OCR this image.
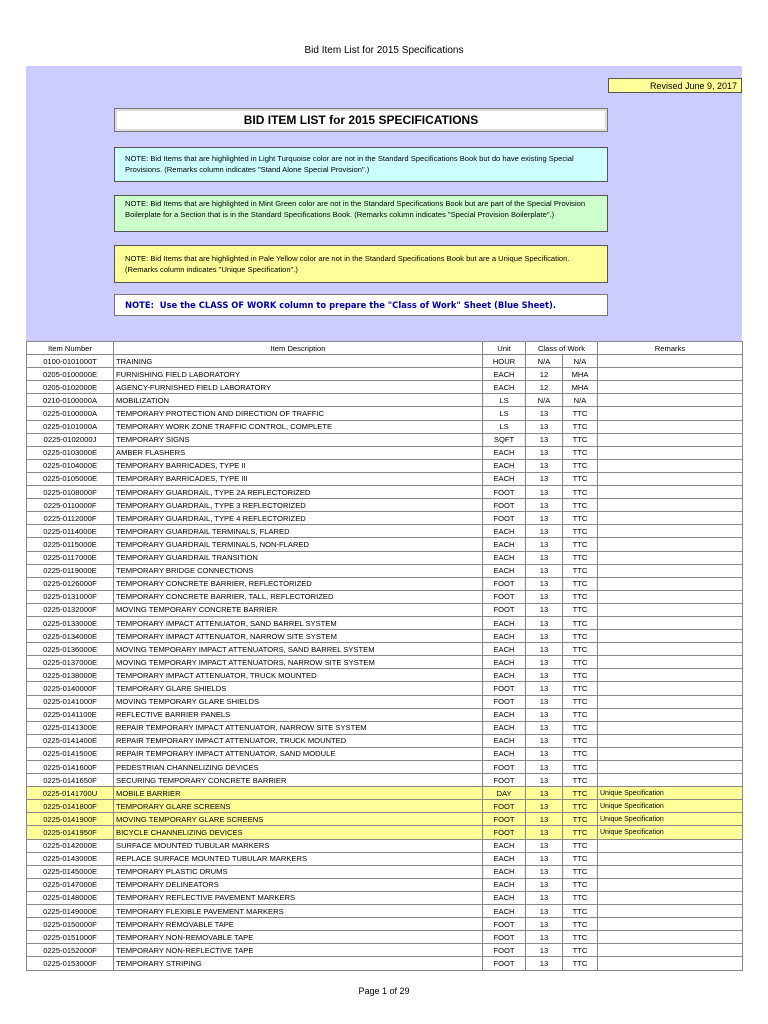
Bid Item List for 2015 Specifications
Revised June 9, 2017
BID ITEM LIST for 2015 SPECIFICATIONS
NOTE: Bid Items that are highlighted in Light Turquoise color are not in the Standard Specifications Book but do have existing Special Provisions. (Remarks column indicates "Stand Alone Special Provision".)
NOTE: Bid Items that are highlighted in Mint Green color are not in the Standard Specifications Book but are part of the Special Provision Boilerplate for a Section that is in the Standard Specifications Book. (Remarks column indicates "Special Provision Boilerplate".)
NOTE: Bid Items that are highlighted in Pale Yellow color are not in the Standard Specifications Book but are a Unique Specification. (Remarks column indicates "Unique Specification".)
NOTE: Use the CLASS OF WORK column to prepare the "Class of Work" Sheet (Blue Sheet).
Item Number	Item Description	Unit	Class of Work		Remarks
0100-0101000T	TRAINING	HOUR	N/A	N/A	
0205-0100000E	FURNISHING FIELD LABORATORY	EACH	12	MHA	
0205-0102000E	AGENCY-FURNISHED FIELD LABORATORY	EACH	12	MHA	
0210-0100000A	MOBILIZATION	LS	N/A	N/A	
0225-0100000A	TEMPORARY PROTECTION AND DIRECTION OF TRAFFIC	LS	13	TTC	
0225-0101000A	TEMPORARY WORK ZONE TRAFFIC CONTROL, COMPLETE	LS	13	TTC	
0225-0102000J	TEMPORARY SIGNS	SQFT	13	TTC	
0225-0103000E	AMBER FLASHERS	EACH	13	TTC	
0225-0104000E	TEMPORARY BARRICADES, TYPE II	EACH	13	TTC	
0225-0105000E	TEMPORARY BARRICADES, TYPE III	EACH	13	TTC	
0225-0108000F	TEMPORARY GUARDRAIL, TYPE 2A REFLECTORIZED	FOOT	13	TTC	
0225-0110000F	TEMPORARY GUARDRAIL, TYPE 3 REFLECTORIZED	FOOT	13	TTC	
0225-0112000F	TEMPORARY GUARDRAIL, TYPE 4 REFLECTORIZED	FOOT	13	TTC	
0225-0114000E	TEMPORARY GUARDRAIL TERMINALS, FLARED	EACH	13	TTC	
0225-0115000E	TEMPORARY GUARDRAIL TERMINALS, NON-FLARED	EACH	13	TTC	
0225-0117000E	TEMPORARY GUARDRAIL TRANSITION	EACH	13	TTC	
0225-0119000E	TEMPORARY BRIDGE CONNECTIONS	EACH	13	TTC	
0225-0126000F	TEMPORARY CONCRETE BARRIER, REFLECTORIZED	FOOT	13	TTC	
0225-0131000F	TEMPORARY CONCRETE BARRIER, TALL, REFLECTORIZED	FOOT	13	TTC	
0225-0132000F	MOVING TEMPORARY CONCRETE BARRIER	FOOT	13	TTC	
0225-0133000E	TEMPORARY IMPACT ATTENUATOR, SAND BARREL SYSTEM	EACH	13	TTC	
0225-0134000E	TEMPORARY IMPACT ATTENUATOR, NARROW SITE SYSTEM	EACH	13	TTC	
0225-0136000E	MOVING TEMPORARY IMPACT ATTENUATORS, SAND BARREL SYSTEM	EACH	13	TTC	
0225-0137000E	MOVING TEMPORARY IMPACT ATTENUATORS, NARROW SITE SYSTEM	EACH	13	TTC	
0225-0138000E	TEMPORARY IMPACT ATTENUATOR, TRUCK MOUNTED	EACH	13	TTC	
0225-0140000F	TEMPORARY GLARE SHIELDS	FOOT	13	TTC	
0225-0141000F	MOVING TEMPORARY GLARE SHIELDS	FOOT	13	TTC	
0225-0141100E	REFLECTIVE BARRIER PANELS	EACH	13	TTC	
0225-0141300E	REPAIR TEMPORARY IMPACT ATTENUATOR, NARROW SITE SYSTEM	EACH	13	TTC	
0225-0141400E	REPAIR TEMPORARY IMPACT ATTENUATOR, TRUCK MOUNTED	EACH	13	TTC	
0225-0141500E	REPAIR TEMPORARY IMPACT ATTENUATOR, SAND MODULE	EACH	13	TTC	
0225-0141600F	PEDESTRIAN CHANNELIZING DEVICES	FOOT	13	TTC	
0225-0141650F	SECURING TEMPORARY CONCRETE BARRIER	FOOT	13	TTC	
0225-0141700U	MOBILE BARRIER	DAY	13	TTC	Unique Specification
0225-0141800F	TEMPORARY GLARE SCREENS	FOOT	13	TTC	Unique Specification
0225-0141900F	MOVING TEMPORARY GLARE SCREENS	FOOT	13	TTC	Unique Specification
0225-0141950F	BICYCLE CHANNELIZING DEVICES	FOOT	13	TTC	Unique Specification
0225-0142000E	SURFACE MOUNTED TUBULAR MARKERS	EACH	13	TTC	
0225-0143000E	REPLACE SURFACE MOUNTED TUBULAR MARKERS	EACH	13	TTC	
0225-0145000E	TEMPORARY PLASTIC DRUMS	EACH	13	TTC	
0225-0147000E	TEMPORARY DELINEATORS	EACH	13	TTC	
0225-0148000E	TEMPORARY REFLECTIVE PAVEMENT MARKERS	EACH	13	TTC	
0225-0149000E	TEMPORARY FLEXIBLE PAVEMENT MARKERS	EACH	13	TTC	
0225-0150000F	TEMPORARY REMOVABLE TAPE	FOOT	13	TTC	
0225-0151000F	TEMPORARY NON-REMOVABLE TAPE	FOOT	13	TTC	
0225-0152000F	TEMPORARY NON-REFLECTIVE TAPE	FOOT	13	TTC	
0225-0153000F	TEMPORARY STRIPING	FOOT	13	TTC	
Page 1 of 29
